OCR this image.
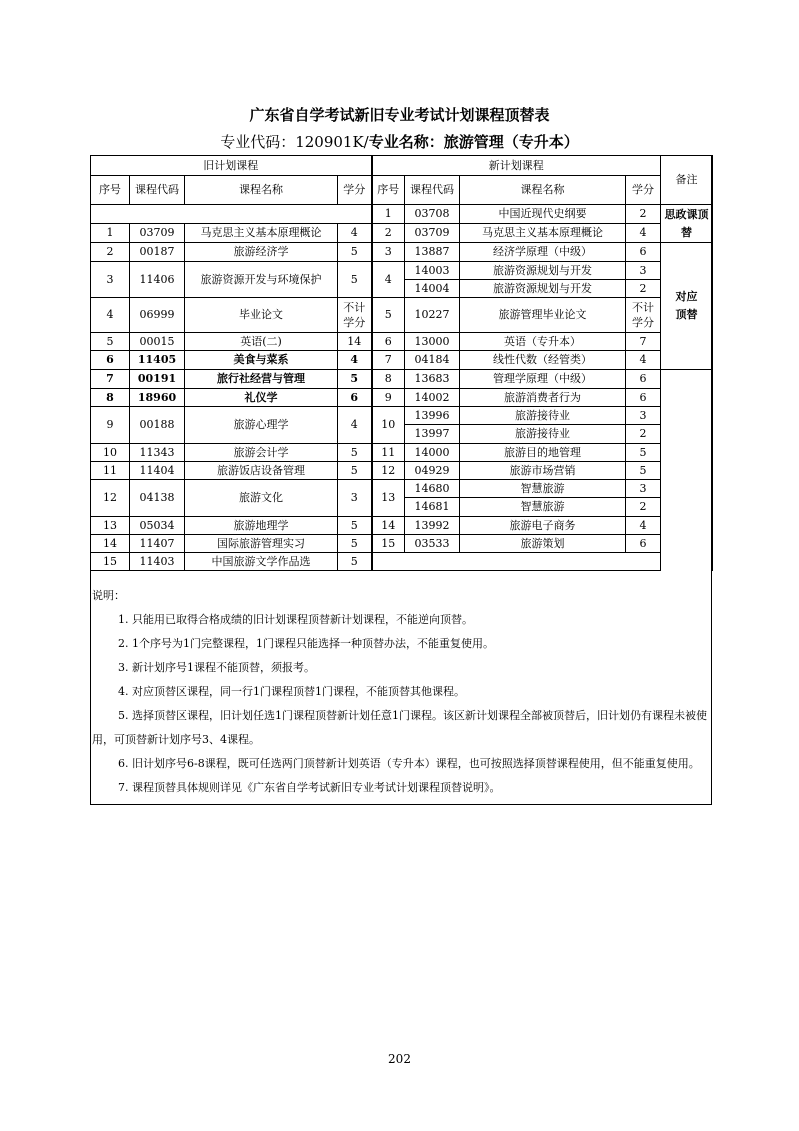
广东省自学考试新旧专业考试计划课程顶替表
专业代码：120901K/专业名称：旅游管理（专升本）
旧计划课程				新计划课程				备注	
序号	课程代码	课程名称	学分	序号	课程代码	课程名称	学分		
				1	03708	中国近现代史纲要	2	思政课顶替	
1	03709	马克思主义基本原理概论	4	2	03709	马克思主义基本原理概论	4		
2	00187	旅游经济学	5	3	13887	经济学原理（中级）	6	对应顶替	
3	11406	旅游资源开发与环境保护	5	4	14003	旅游资源规划与开发	3		
					14004	旅游资源规划与开发	2		
4	06999	毕业论文	不计学分	5	10227	旅游管理毕业论文	不计学分		
5	00015	英语(二)	14	6	13000	英语（专升本）	7		
6	11405	美食与菜系	4	7	04184	线性代数（经管类）	4	
7	00191	旅行社经营与管理	5	8	13683	管理学原理（中级）	6		
8	18960	礼仪学	6	9	14002	旅游消费者行为	6		
9	00188	旅游心理学	4	10	13996	旅游接待业	3		
					13997	旅游接待业	2		
10	11343	旅游会计学	5	11	14000	旅游目的地管理	5		
11	11404	旅游饭店设备管理	5	12	04929	旅游市场营销	5		
12	04138	旅游文化	3	13	14680	智慧旅游	3		
					14681	智慧旅游	2		
13	05034	旅游地理学	5	14	13992	旅游电子商务	4		
14	11407	国际旅游管理实习	5	15	03533	旅游策划	6		
15	11403	中国旅游文学作品选	5						

说明：

1. 只能用已取得合格成绩的旧计划课程顶替新计划课程，不能逆向顶替。

2. 1个序号为1门完整课程，1门课程只能选择一种顶替办法，不能重复使用。

3. 新计划序号1课程不能顶替，须报考。

4. 对应顶替区课程，同一行1门课程顶替1门课程，不能顶替其他课程。

5. 选择顶替区课程，旧计划任选1门课程顶替新计划任意1门课程。该区新计划课程全部被顶替后，旧计划仍有课程未被使用，可顶替新计划序号3、4课程。

6. 旧计划序号6-8课程，既可任选两门顶替新计划英语（专升本）课程，也可按照选择顶替课程使用，但不能重复使用。

7. 课程顶替具体规则详见《广东省自学考试新旧专业考试计划课程顶替说明》。

202
